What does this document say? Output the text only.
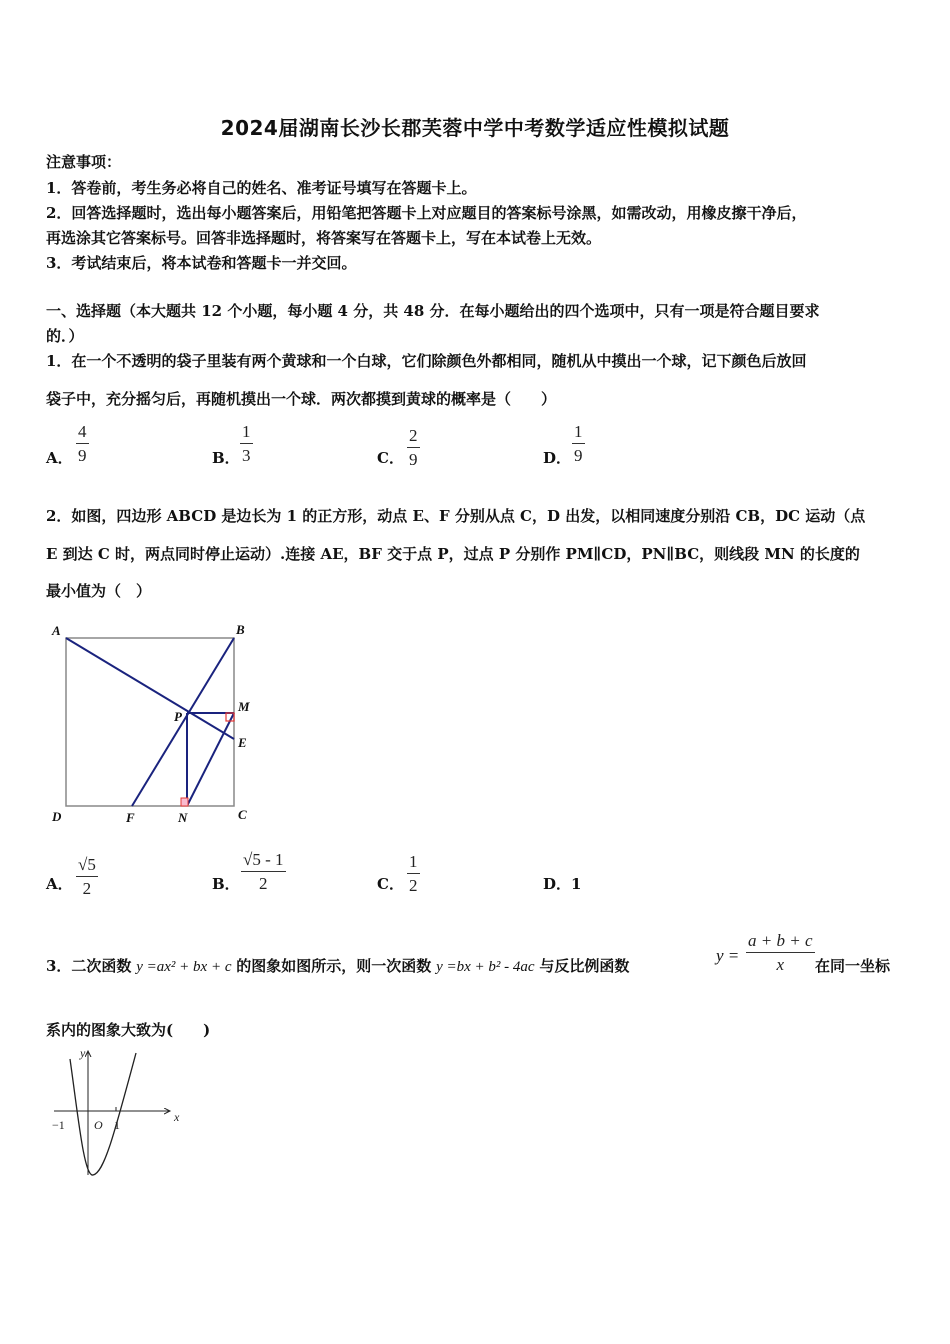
2024届湖南长沙长郡芙蓉中学中考数学适应性模拟试题
注意事项：
1．答卷前，考生务必将自己的姓名、准考证号填写在答题卡上。
2．回答选择题时，选出每小题答案后，用铅笔把答题卡上对应题目的答案标号涂黑，如需改动，用橡皮擦干净后，
再选涂其它答案标号。回答非选择题时，将答案写在答题卡上，写在本试卷上无效。
3．考试结束后，将本试卷和答题卡一并交回。
一、选择题（本大题共 12 个小题，每小题 4 分，共 48 分．在每小题给出的四个选项中，只有一项是符合题目要求
的．）
1．在一个不透明的袋子里装有两个黄球和一个白球，它们除颜色外都相同，随机从中摸出一个球，记下颜色后放回
袋子中，充分摇匀后，再随机摸出一个球．两次都摸到黄球的概率是（　　）
A．
4
9	B．
1
3	C．
2
9	D．
1
9
2．如图，四边形 ABCD 是边长为 1 的正方形，动点 E、F 分别从点 C，D 出发，以相同速度分别沿 CB，DC 运动（点
E 到达 C 时，两点同时停止运动）.连接 AE，BF 交于点 P，过点 P 分别作 PM∥CD，PN∥BC，则线段 MN 的长度的
最小值为（　）
A	B
C
D
E
F
M
N
P
A．
√5
2	B．
√5 - 1
2	C．
1
2	D．1
3．二次函数 y =ax² + bx + c 的图象如图所示，则一次函数 y =bx + b² - 4ac 与反比例函数
y =
a + b + c
x 在同一坐标
系内的图象大致为(　　)
y
x
−1 O 1
